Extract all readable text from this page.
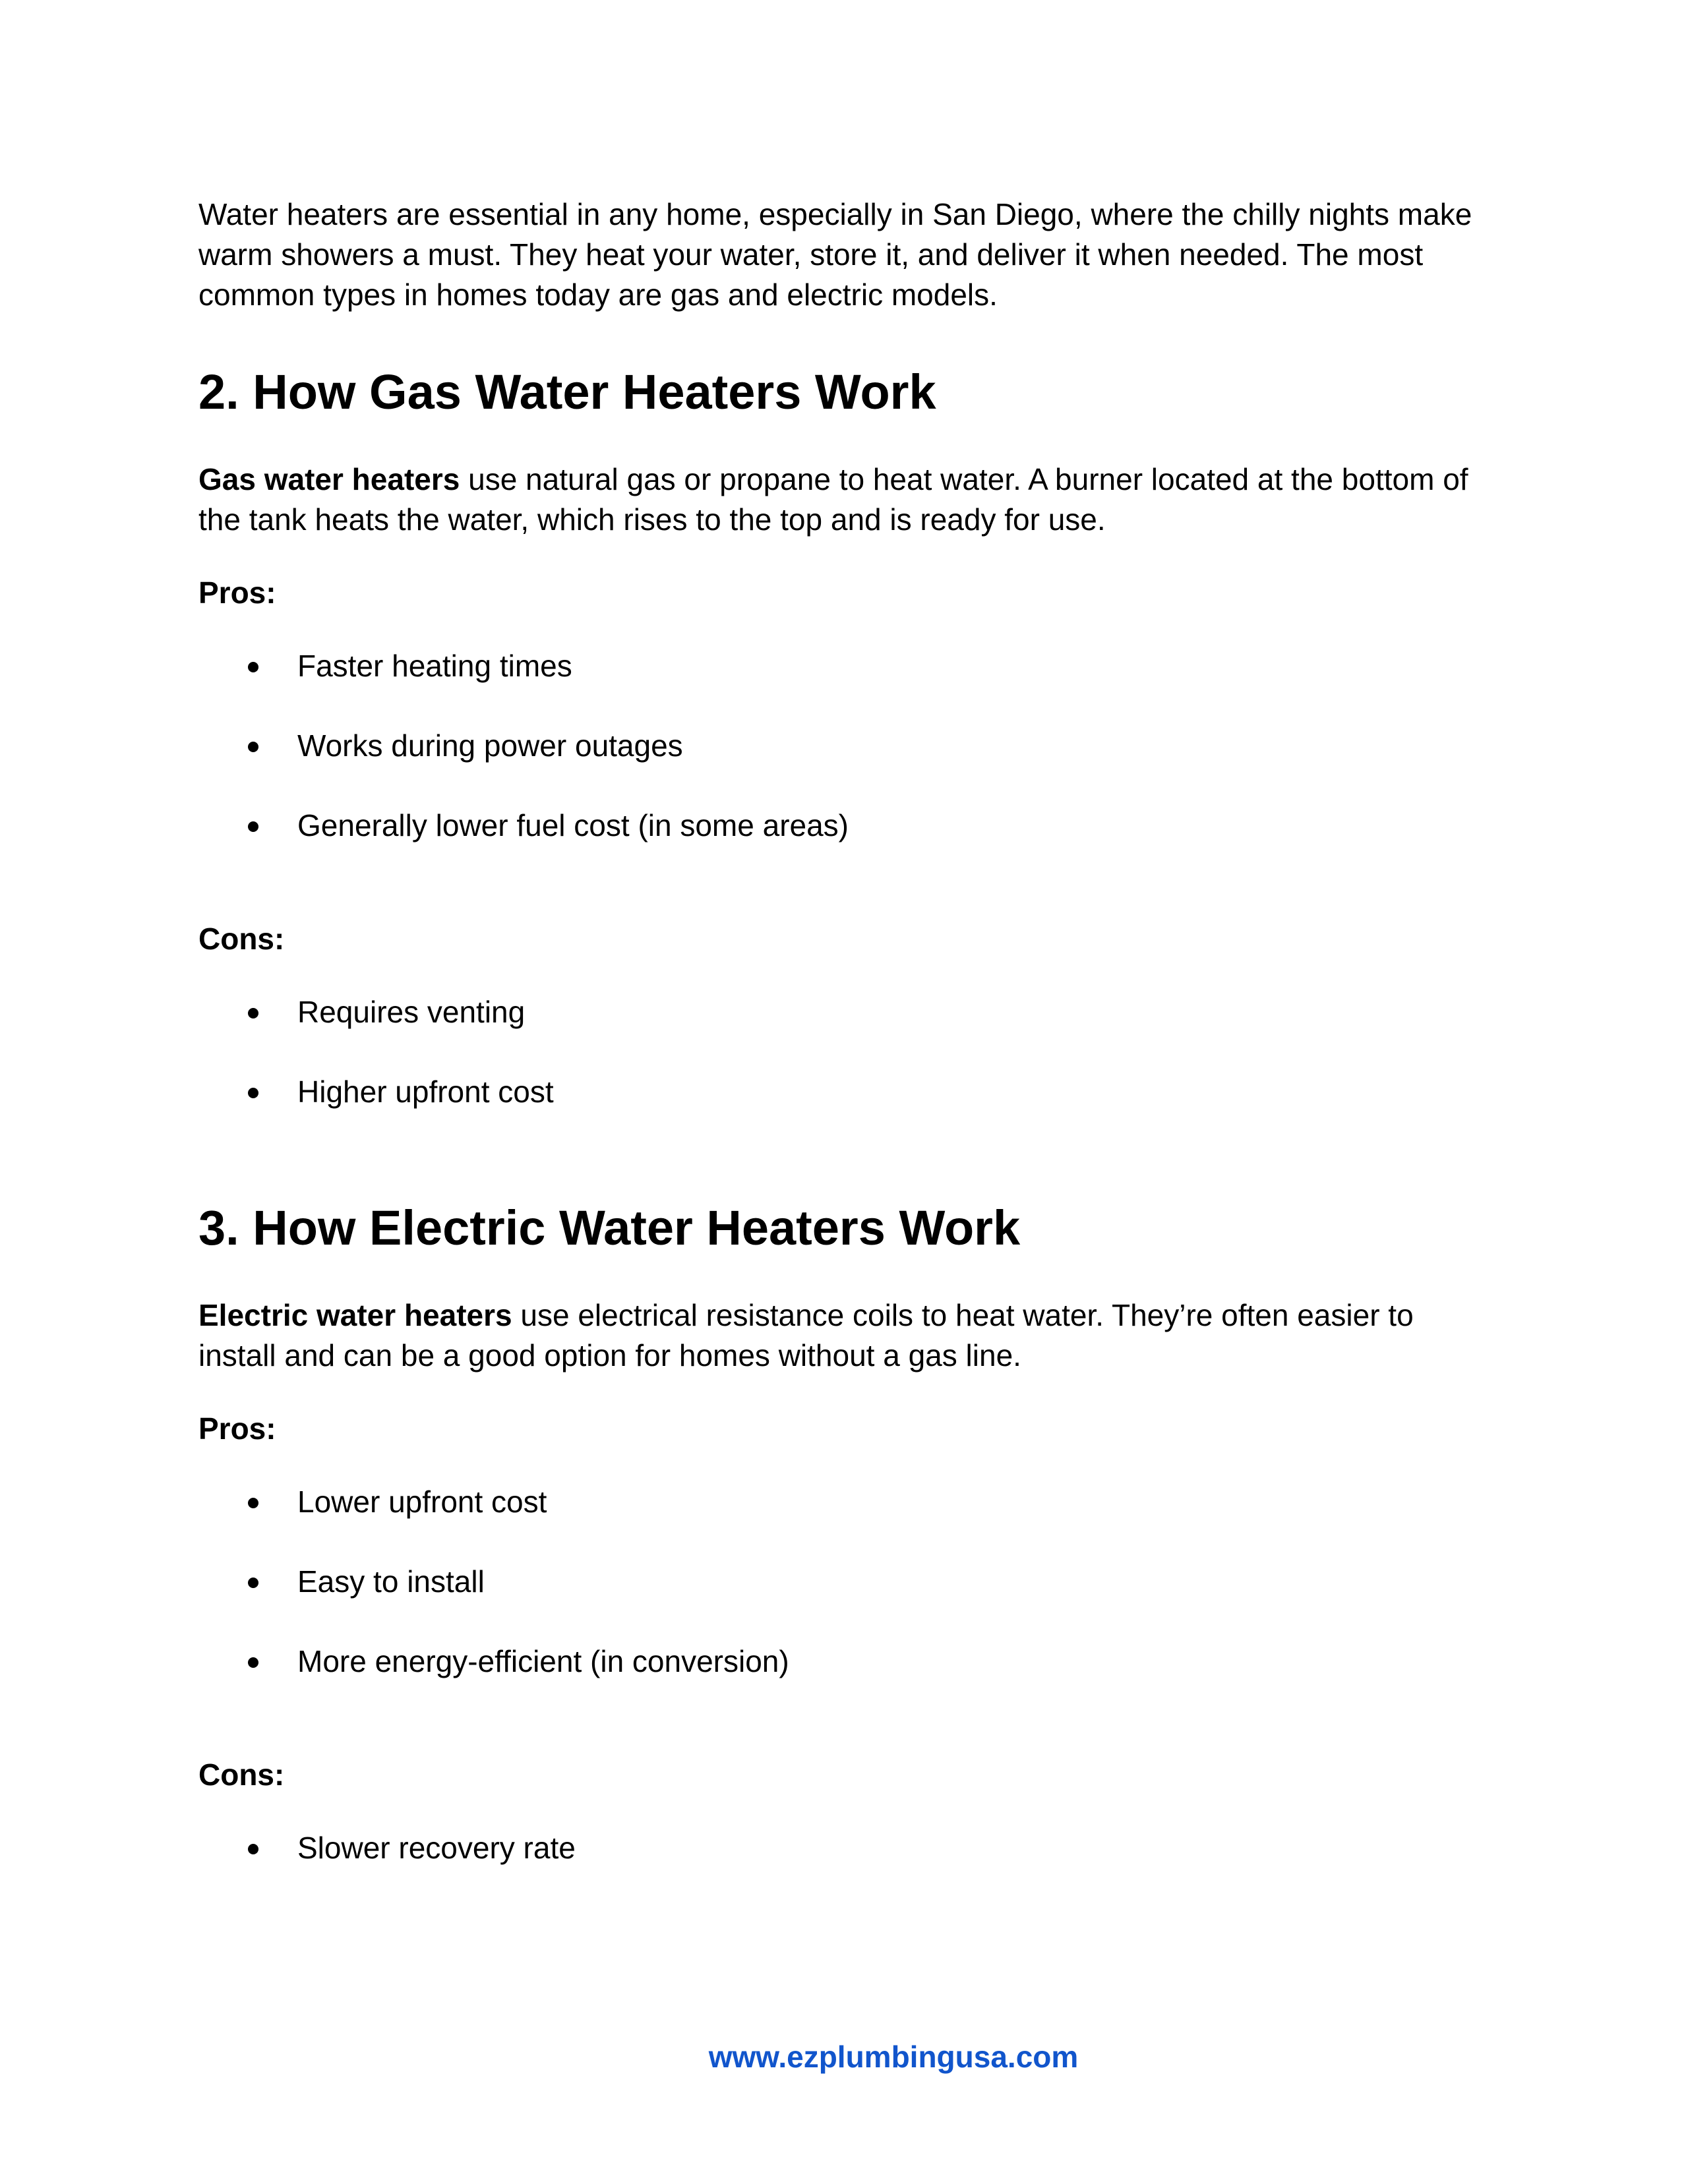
Water heaters are essential in any home, especially in San Diego, where the chilly nights make warm showers a must. They heat your water, store it, and deliver it when needed. The most common types in homes today are gas and electric models.

2. How Gas Water Heaters Work

Gas water heaters use natural gas or propane to heat water. A burner located at the bottom of the tank heats the water, which rises to the top and is ready for use.

Pros:

Faster heating times
Works during power outages
Generally lower fuel cost (in some areas)

Cons:

Requires venting
Higher upfront cost
3. How Electric Water Heaters Work

Electric water heaters use electrical resistance coils to heat water. They’re often easier to install and can be a good option for homes without a gas line.

Pros:

Lower upfront cost
Easy to install
More energy-efficient (in conversion)

Cons:

Slower recovery rate
www.ezplumbingusa.com
